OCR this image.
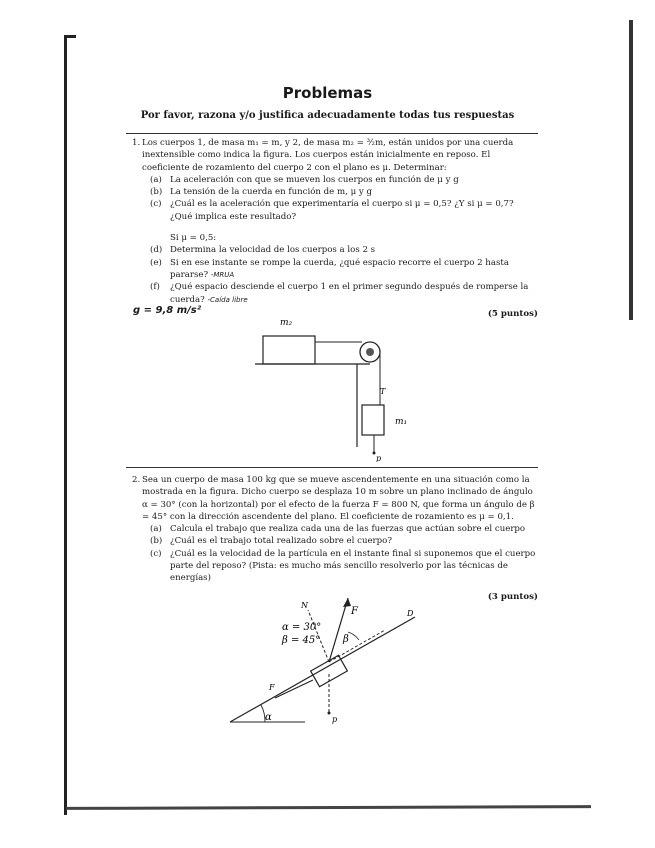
Problemas
Por favor, razona y/o justifica adecuadamente todas tus respuestas
1. Los cuerpos 1, de masa m₁ = m, y 2, de masa m₂ = ³⁄₂m, están unidos por una cuerda inextensible como indica la figura. Los cuerpos están inicialmente en reposo. El coeficiente de rozamiento del cuerpo 2 con el plano es μ. Determinar:
(a) La aceleración con que se mueven los cuerpos en función de μ y g
(b) La tensión de la cuerda en función de m, μ y g
(c) ¿Cuál es la aceleración que experimentaría el cuerpo si μ = 0,5? ¿Y si μ = 0,7? ¿Qué implica este resultado?
Si μ = 0,5:
(d) Determina la velocidad de los cuerpos a los 2 s
(e) Si en ese instante se rompe la cuerda, ¿qué espacio recorre el cuerpo 2 hasta pararse? -MRUA
(f) ¿Qué espacio desciende el cuerpo 1 en el primer segundo después de romperse la cuerda? -Caída libre
(5 puntos)
g = 9,8 m/s²
m₂
m₁
T
p
2. Sea un cuerpo de masa 100 kg que se mueve ascendentemente en una situación como la mostrada en la figura. Dicho cuerpo se desplaza 10 m sobre un plano inclinado de ángulo α = 30° (con la horizontal) por el efecto de la fuerza F = 800 N, que forma un ángulo de β = 45° con la dirección ascendente del plano. El coeficiente de rozamiento es μ = 0,1.
(a) Calcula el trabajo que realiza cada una de las fuerzas que actúan sobre el cuerpo
(b) ¿Cuál es el trabajo total realizado sobre el cuerpo?
(c) ¿Cuál es la velocidad de la partícula en el instante final si suponemos que el cuerpo parte del reposo? (Pista: es mucho más sencillo resolverlo por las técnicas de energías)
(3 puntos)
α = 30°
β = 45°
F
β
α	p
N
F
D
